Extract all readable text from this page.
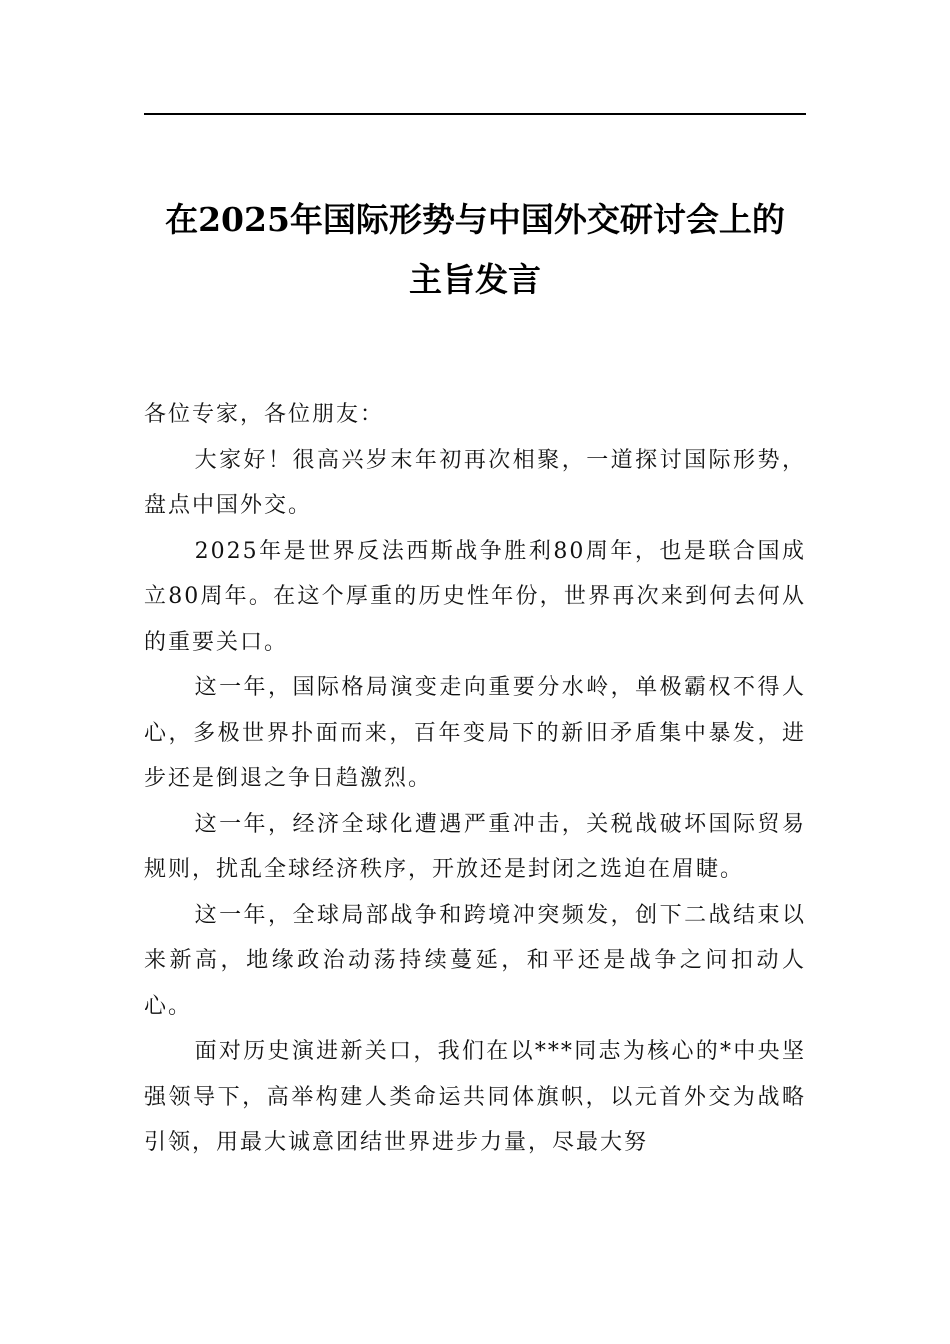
在2025年国际形势与中国外交研讨会上的
主旨发言

各位专家，各位朋友：

大家好！很高兴岁末年初再次相聚，一道探讨国际形势，盘点中国外交。

2025年是世界反法西斯战争胜利80周年，也是联合国成立80周年。在这个厚重的历史性年份，世界再次来到何去何从的重要关口。

这一年，国际格局演变走向重要分水岭，单极霸权不得人心，多极世界扑面而来，百年变局下的新旧矛盾集中暴发，进步还是倒退之争日趋激烈。

这一年，经济全球化遭遇严重冲击，关税战破坏国际贸易规则，扰乱全球经济秩序，开放还是封闭之选迫在眉睫。

这一年，全球局部战争和跨境冲突频发，创下二战结束以来新高，地缘政治动荡持续蔓延，和平还是战争之问扣动人心。

面对历史演进新关口，我们在以***同志为核心的*中央坚强领导下，高举构建人类命运共同体旗帜，以元首外交为战略引领，用最大诚意团结世界进步力量，尽最大努
